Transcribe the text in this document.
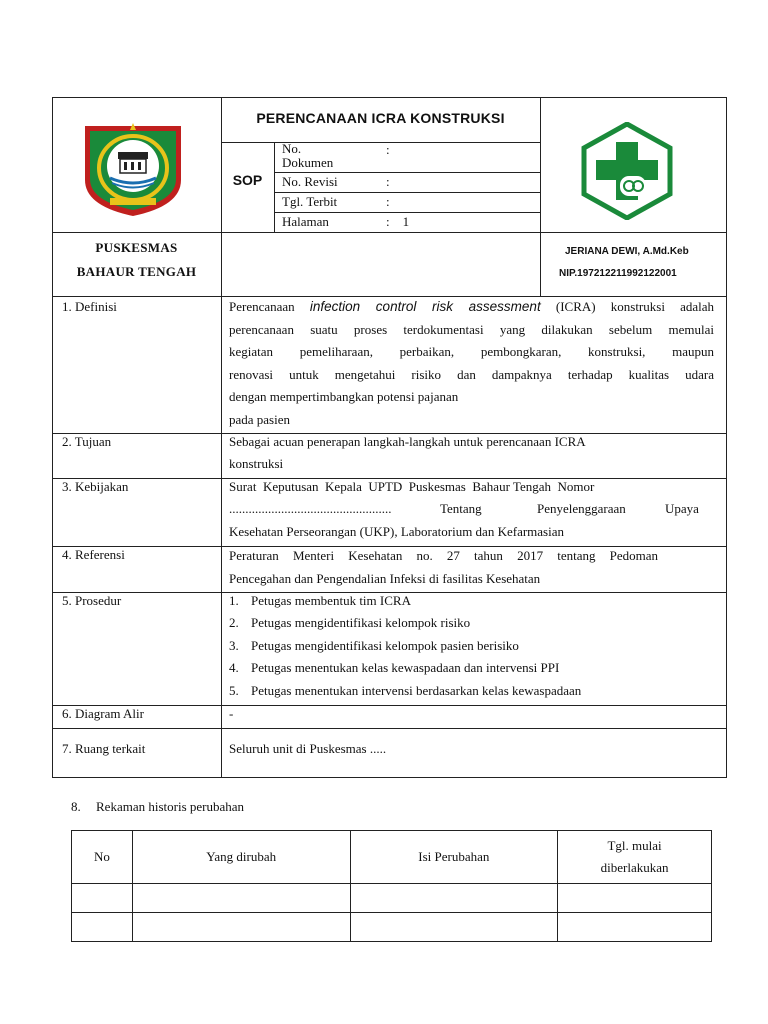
PERENCANAAN ICRA KONSTRUKSI
SOP
No. Dokumen
:
No. Revisi	:
Tgl. Terbit	:
Halaman	:    1
PUSKESMAS
BAHAUR TENGAH
JERIANA DEWI, A.Md.Keb
NIP.197212211992122001
1. Definisi	Perencanaan infection control risk assessment (ICRA) konstruksi adalah
perencanaan suatu proses terdokumentasi yang dilakukan sebelum memulai
kegiatan pemeliharaan, perbaikan, pembongkaran, konstruksi, maupun
renovasi untuk mengetahui risiko dan dampaknya terhadap kualitas udara
dengan mempertimbangkan potensi pajanan
pada pasien
2. Tujuan	Sebagai acuan penerapan langkah-langkah untuk perencanaan ICRA
konstruksi
3. Kebijakan	Surat  Keputusan  Kepala  UPTD  Puskesmas  Bahaur Tengah  Nomor
..................................................	Tentang	Penyelenggaraan	Upaya
Kesehatan Perseorangan (UKP), Laboratorium dan Kefarmasian
4. Referensi	Peraturan Menteri Kesehatan no. 27 tahun 2017 tentang Pedoman
Pencegahan dan Pengendalian Infeksi di fasilitas Kesehatan
5. Prosedur	1. Petugas membentuk tim ICRA
2. Petugas mengidentifikasi kelompok risiko
3. Petugas mengidentifikasi kelompok pasien berisiko
4. Petugas menentukan kelas kewaspadaan dan intervensi PPI
5. Petugas menentukan intervensi berdasarkan kelas kewaspadaan
6. Diagram Alir	-
7. Ruang terkait	Seluruh unit di Puskesmas .....
8. Rekaman historis perubahan
No	Yang dirubah	Isi Perubahan	Tgl. mulai
diberlakukan
